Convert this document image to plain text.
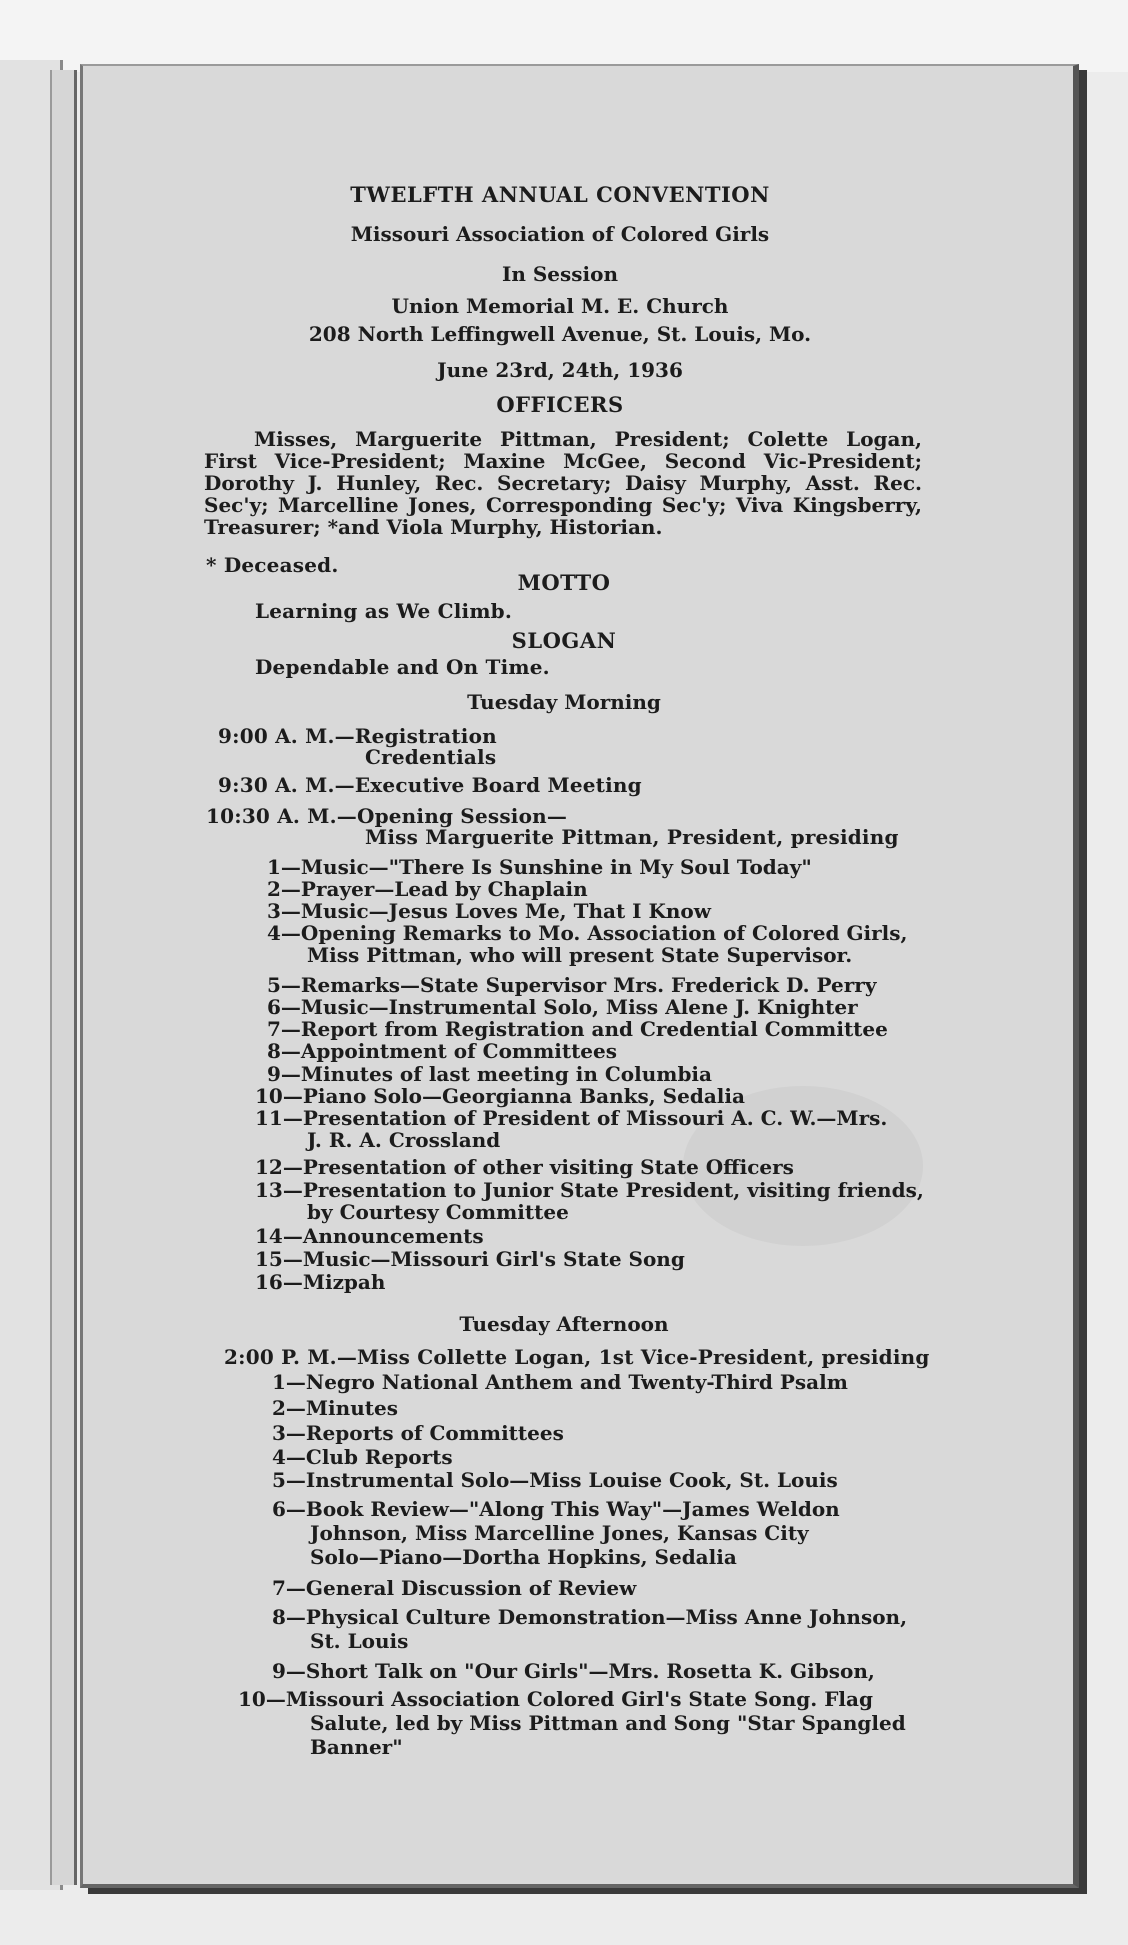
TWELFTH ANNUAL CONVENTION
Missouri Association of Colored Girls
In Session
Union Memorial M. E. Church
208 North Leffingwell Avenue, St. Louis, Mo.
June 23rd, 24th, 1936
OFFICERS
Misses, Marguerite Pittman, President; Colette Logan, First Vice-President; Maxine McGee, Second Vic-President; Dorothy J. Hunley, Rec. Secretary; Daisy Murphy, Asst. Rec. Sec'y; Marcelline Jones, Corresponding Sec'y; Viva Kingsberry, Treasurer; *and Viola Murphy, Historian.
* Deceased.
MOTTO
Learning as We Climb.
SLOGAN
Dependable and On Time.
Tuesday Morning
9:00 A. M.—Registration
Credentials
9:30 A. M.—Executive Board Meeting
10:30 A. M.—Opening Session—
Miss Marguerite Pittman, President, presiding
1—Music—"There Is Sunshine in My Soul Today"
2—Prayer—Lead by Chaplain
3—Music—Jesus Loves Me, That I Know
4—Opening Remarks to Mo. Association of Colored Girls,
Miss Pittman, who will present State Supervisor.
5—Remarks—State Supervisor Mrs. Frederick D. Perry
6—Music—Instrumental Solo, Miss Alene J. Knighter
7—Report from Registration and Credential Committee
8—Appointment of Committees
9—Minutes of last meeting in Columbia
10—Piano Solo—Georgianna Banks, Sedalia
11—Presentation of President of Missouri A. C. W.—Mrs.
J. R. A. Crossland
12—Presentation of other visiting State Officers
13—Presentation to Junior State President, visiting friends,
by Courtesy Committee
14—Announcements
15—Music—Missouri Girl's State Song
16—Mizpah
Tuesday Afternoon
2:00 P. M.—Miss Collette Logan, 1st Vice-President, presiding
1—Negro National Anthem and Twenty-Third Psalm
2—Minutes
3—Reports of Committees
4—Club Reports
5—Instrumental Solo—Miss Louise Cook, St. Louis
6—Book Review—"Along This Way"—James Weldon
Johnson, Miss Marcelline Jones, Kansas City
Solo—Piano—Dortha Hopkins, Sedalia
7—General Discussion of Review
8—Physical Culture Demonstration—Miss Anne Johnson,
St. Louis
9—Short Talk on "Our Girls"—Mrs. Rosetta K. Gibson,
10—Missouri Association Colored Girl's State Song. Flag
Salute, led by Miss Pittman and Song "Star Spangled
Banner"
